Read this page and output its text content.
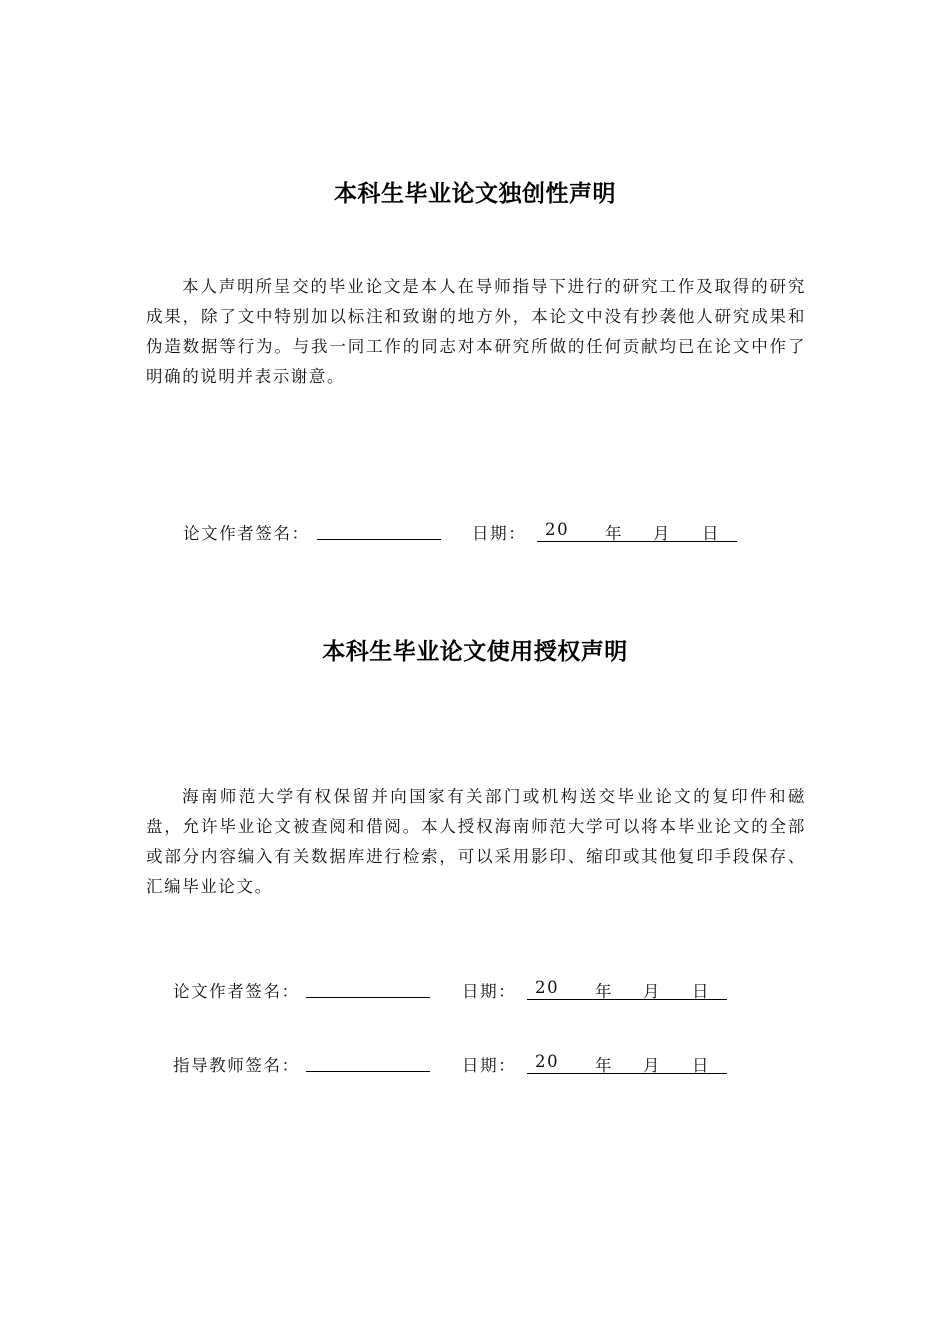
本科生毕业论文独创性声明

本人声明所呈交的毕业论文是本人在导师指导下进行的研究工作及取得的研究成果，除了文中特别加以标注和致谢的地方外，本论文中没有抄袭他人研究成果和伪造数据等行为。与我一同工作的同志对本研究所做的任何贡献均已在论文中作了明确的说明并表示谢意。

论文作者签名：	日期： 20 年 月 日
本科生毕业论文使用授权声明

海南师范大学有权保留并向国家有关部门或机构送交毕业论文的复印件和磁盘，允许毕业论文被查阅和借阅。本人授权海南师范大学可以将本毕业论文的全部或部分内容编入有关数据库进行检索，可以采用影印、缩印或其他复印手段保存、汇编毕业论文。

论文作者签名：	日期： 20 年 月 日
指导教师签名：	日期： 20 年 月 日
